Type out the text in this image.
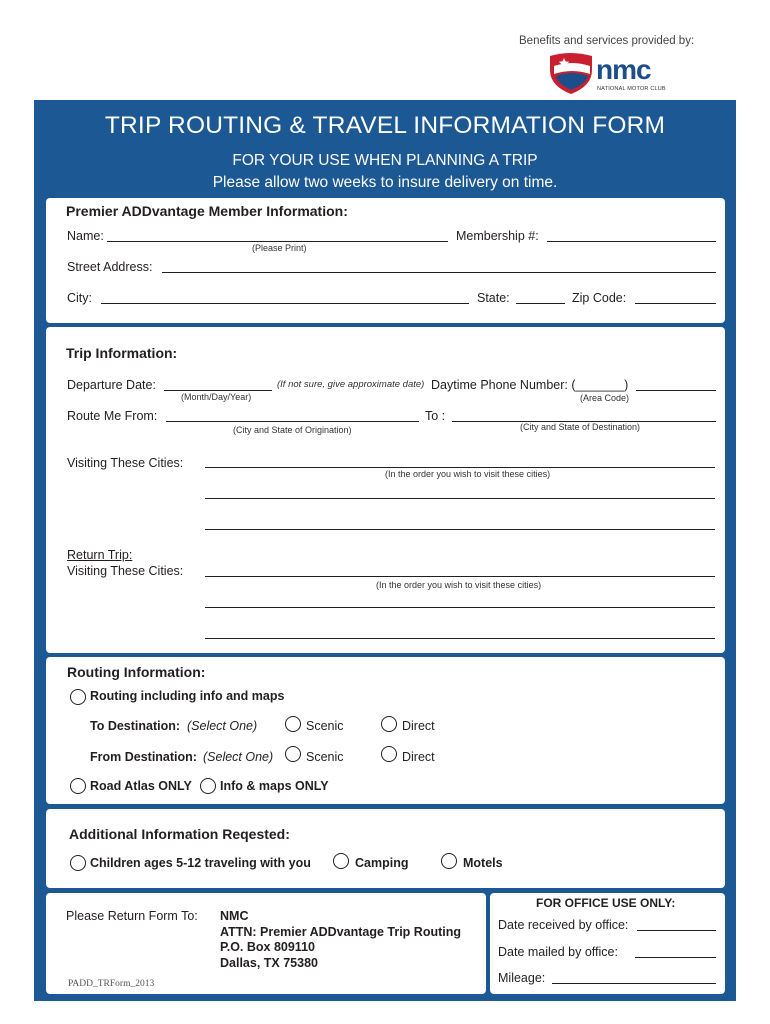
Benefits and services provided by:
nmc
NATIONAL MOTOR CLUB
TRIP ROUTING & TRAVEL INFORMATION FORM
FOR YOUR USE WHEN PLANNING A TRIP
Please allow two weeks to insure delivery on time.
Premier ADDvantage Member Information:
Name:
(Please Print)
Membership #:
Street Address:
City:	State:	Zip Code:
Trip Information:
Departure Date:	(If not sure, give approximate date)
(Month/Day/Year)
Daytime Phone Number: (_______)
(Area Code)
Route Me From:
(City and State of Origination)
To :
(City and State of Destination)
Visiting These Cities:
(In the order you wish to visit these cities)
Return Trip:
Visiting These Cities:
(In the order you wish to visit these cities)
Routing Information:
Routing including info and maps
To Destination: (Select One)	Scenic	Direct
From Destination: (Select One)	Scenic	Direct
Road Atlas ONLY Info & maps ONLY
Additional Information Reqested:
Children ages 5-12 traveling with you	Camping	Motels
Please Return Form To: NMC
ATTN: Premier ADDvantage Trip Routing
P.O. Box 809110
Dallas, TX 75380
PADD_TRForm_2013
FOR OFFICE USE ONLY:
Date received by office:
Date mailed by office:
Mileage:
